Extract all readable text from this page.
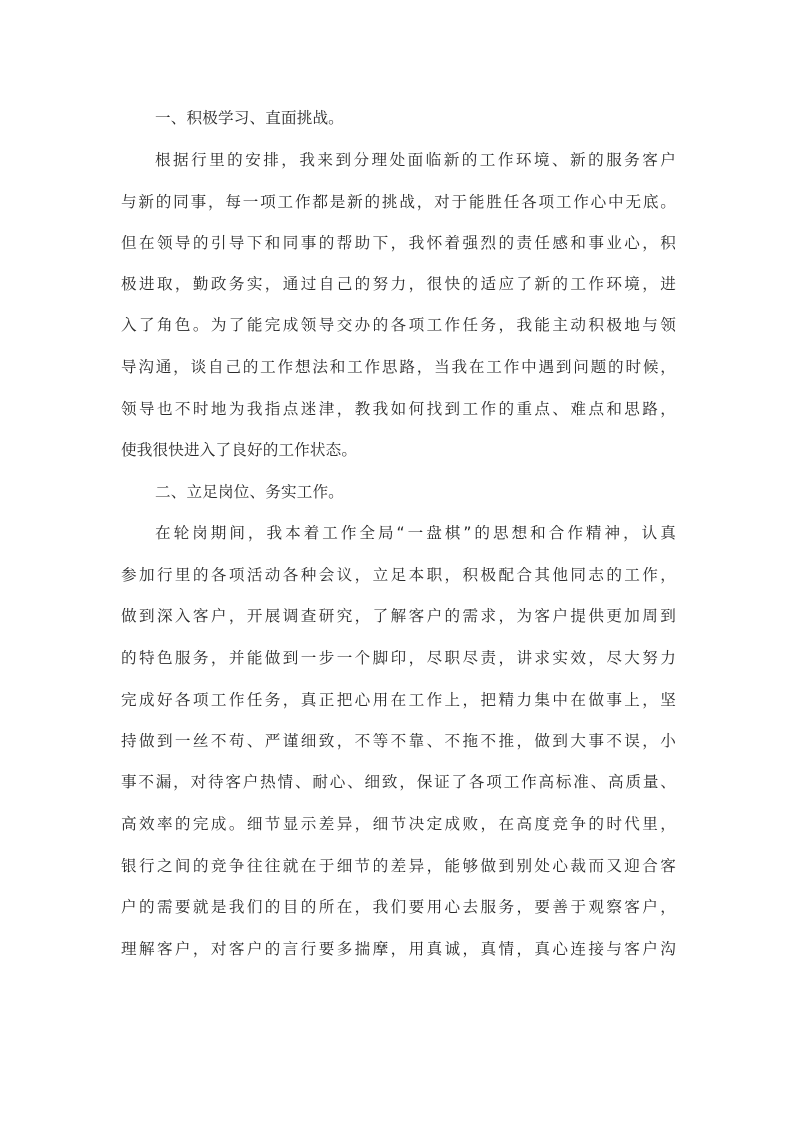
一、积极学习、直面挑战。
根据行里的安排，我来到分理处面临新的工作环境、新的服务客户
与新的同事，每一项工作都是新的挑战，对于能胜任各项工作心中无底。
但在领导的引导下和同事的帮助下，我怀着强烈的责任感和事业心，积
极进取，勤政务实，通过自己的努力，很快的适应了新的工作环境，进
入了角色。为了能完成领导交办的各项工作任务，我能主动积极地与领
导沟通，谈自己的工作想法和工作思路，当我在工作中遇到问题的时候，
领导也不时地为我指点迷津，教我如何找到工作的重点、难点和思路，
使我很快进入了良好的工作状态。
二、立足岗位、务实工作。
在轮岗期间，我本着工作全局“一盘棋”的思想和合作精神，认真
参加行里的各项活动各种会议，立足本职，积极配合其他同志的工作，
做到深入客户，开展调查研究，了解客户的需求，为客户提供更加周到
的特色服务，并能做到一步一个脚印，尽职尽责，讲求实效，尽大努力
完成好各项工作任务，真正把心用在工作上，把精力集中在做事上，坚
持做到一丝不苟、严谨细致，不等不靠、不拖不推，做到大事不误，小
事不漏，对待客户热情、耐心、细致，保证了各项工作高标准、高质量、
高效率的完成。细节显示差异，细节决定成败，在高度竞争的时代里，
银行之间的竞争往往就在于细节的差异，能够做到别处心裁而又迎合客
户的需要就是我们的目的所在，我们要用心去服务，要善于观察客户，
理解客户，对客户的言行要多揣摩，用真诚，真情，真心连接与客户沟
